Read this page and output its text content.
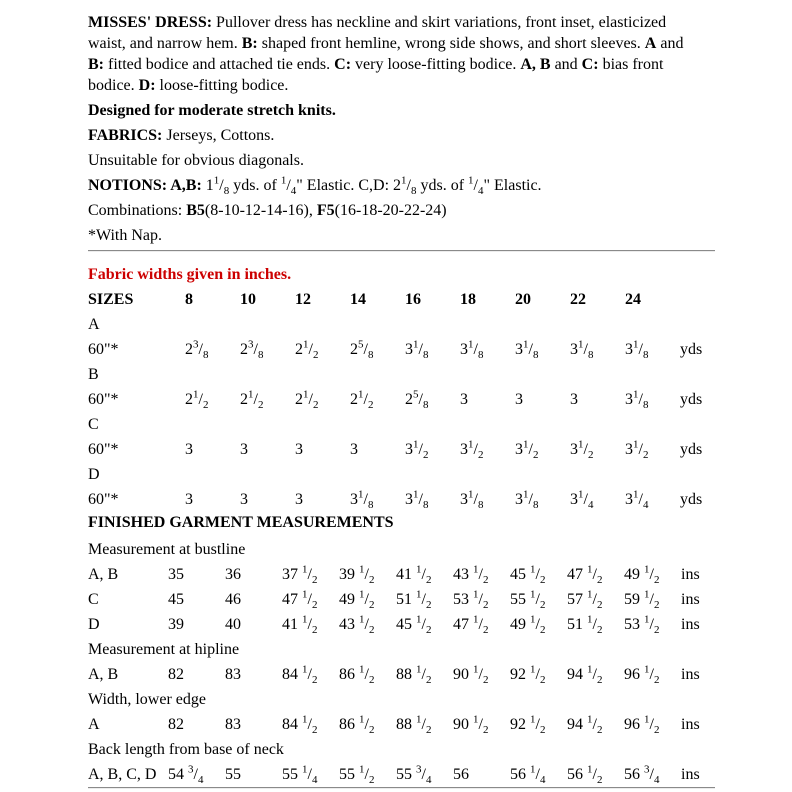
MISSES' DRESS: Pullover dress has neckline and skirt variations, front inset, elasticized waist, and narrow hem. B: shaped front hemline, wrong side shows, and short sleeves. A and B: fitted bodice and attached tie ends. C: very loose-fitting bodice. A, B and C: bias front bodice. D: loose-fitting bodice.

Designed for moderate stretch knits.

FABRICS: Jerseys, Cottons.

Unsuitable for obvious diagonals.

NOTIONS: A,B: $1^1/_8$ yds. of $^1/_4$" Elastic. C,D: $2^1/_8$ yds. of $^1/_4$" Elastic.

Combinations: B5(8-10-12-14-16), F5(16-18-20-22-24)

*With Nap.

Fabric widths given in inches.

SIZES	8	10	12	14	16	18	20	22	24	
A										
60"*	$2^3/_8$	$2^3/_8$	$2^1/_2$	$2^5/_8$	$3^1/_8$	$3^1/_8$	$3^1/_8$	$3^1/_8$	$3^1/_8$	yds
B										
60"*	$2^1/_2$	$2^1/_2$	$2^1/_2$	$2^1/_2$	$2^5/_8$	3	3	3	$3^1/_8$	yds
C										
60"*	3	3	3	3	$3^1/_2$	$3^1/_2$	$3^1/_2$	$3^1/_2$	$3^1/_2$	yds
D										
60"*	3	3	3	$3^1/_8$	$3^1/_8$	$3^1/_8$	$3^1/_8$	$3^1/_4$	$3^1/_4$	yds

FINISHED GARMENT MEASUREMENTS

Measurement at bustline										
A, B	35	36	37 $^1/_2$	39 $^1/_2$	41 $^1/_2$	43 $^1/_2$	45 $^1/_2$	47 $^1/_2$	49 $^1/_2$	ins
C	45	46	47 $^1/_2$	49 $^1/_2$	51 $^1/_2$	53 $^1/_2$	55 $^1/_2$	57 $^1/_2$	59 $^1/_2$	ins
D	39	40	41 $^1/_2$	43 $^1/_2$	45 $^1/_2$	47 $^1/_2$	49 $^1/_2$	51 $^1/_2$	53 $^1/_2$	ins
Measurement at hipline										
A, B	82	83	84 $^1/_2$	86 $^1/_2$	88 $^1/_2$	90 $^1/_2$	92 $^1/_2$	94 $^1/_2$	96 $^1/_2$	ins
Width, lower edge										
A	82	83	84 $^1/_2$	86 $^1/_2$	88 $^1/_2$	90 $^1/_2$	92 $^1/_2$	94 $^1/_2$	96 $^1/_2$	ins
Back length from base of neck										
A, B, C, D	54 $^3/_4$	55	55 $^1/_4$	55 $^1/_2$	55 $^3/_4$	56	56 $^1/_4$	56 $^1/_2$	56 $^3/_4$	ins
